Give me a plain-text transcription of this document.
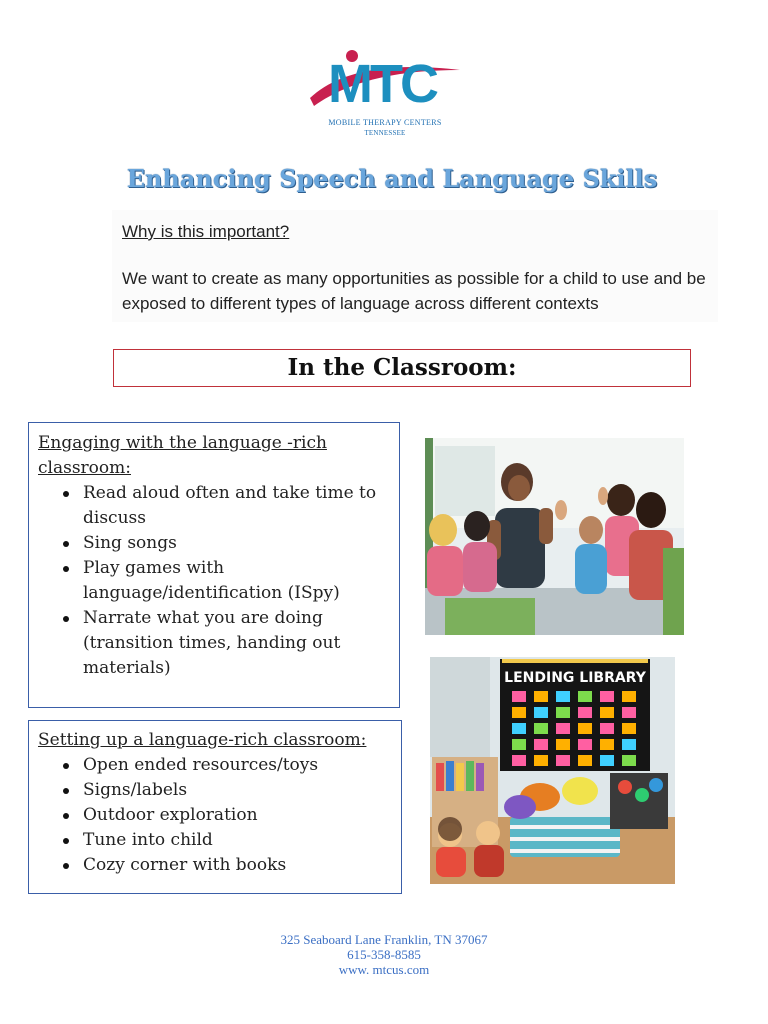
MTC
MOBILE THERAPY CENTERS
TENNESSEE
Enhancing Speech and Language Skills
Why is this important?
We want to create as many opportunities as possible for a child to use and be exposed to different types of language across different contexts
In the Classroom:
Engaging with the language -rich
classroom:
Read aloud often and take time to discuss
Sing songs
Play games with language/identification (ISpy)
Narrate what you are doing (transition times, handing out materials)
Setting up a language-rich classroom:
Open ended resources/toys
Signs/labels
Outdoor exploration
Tune into child
Cozy corner with books
LENDING LIBRARY
325 Seaboard Lane Franklin, TN 37067
615-358-8585
www. mtcus.com
